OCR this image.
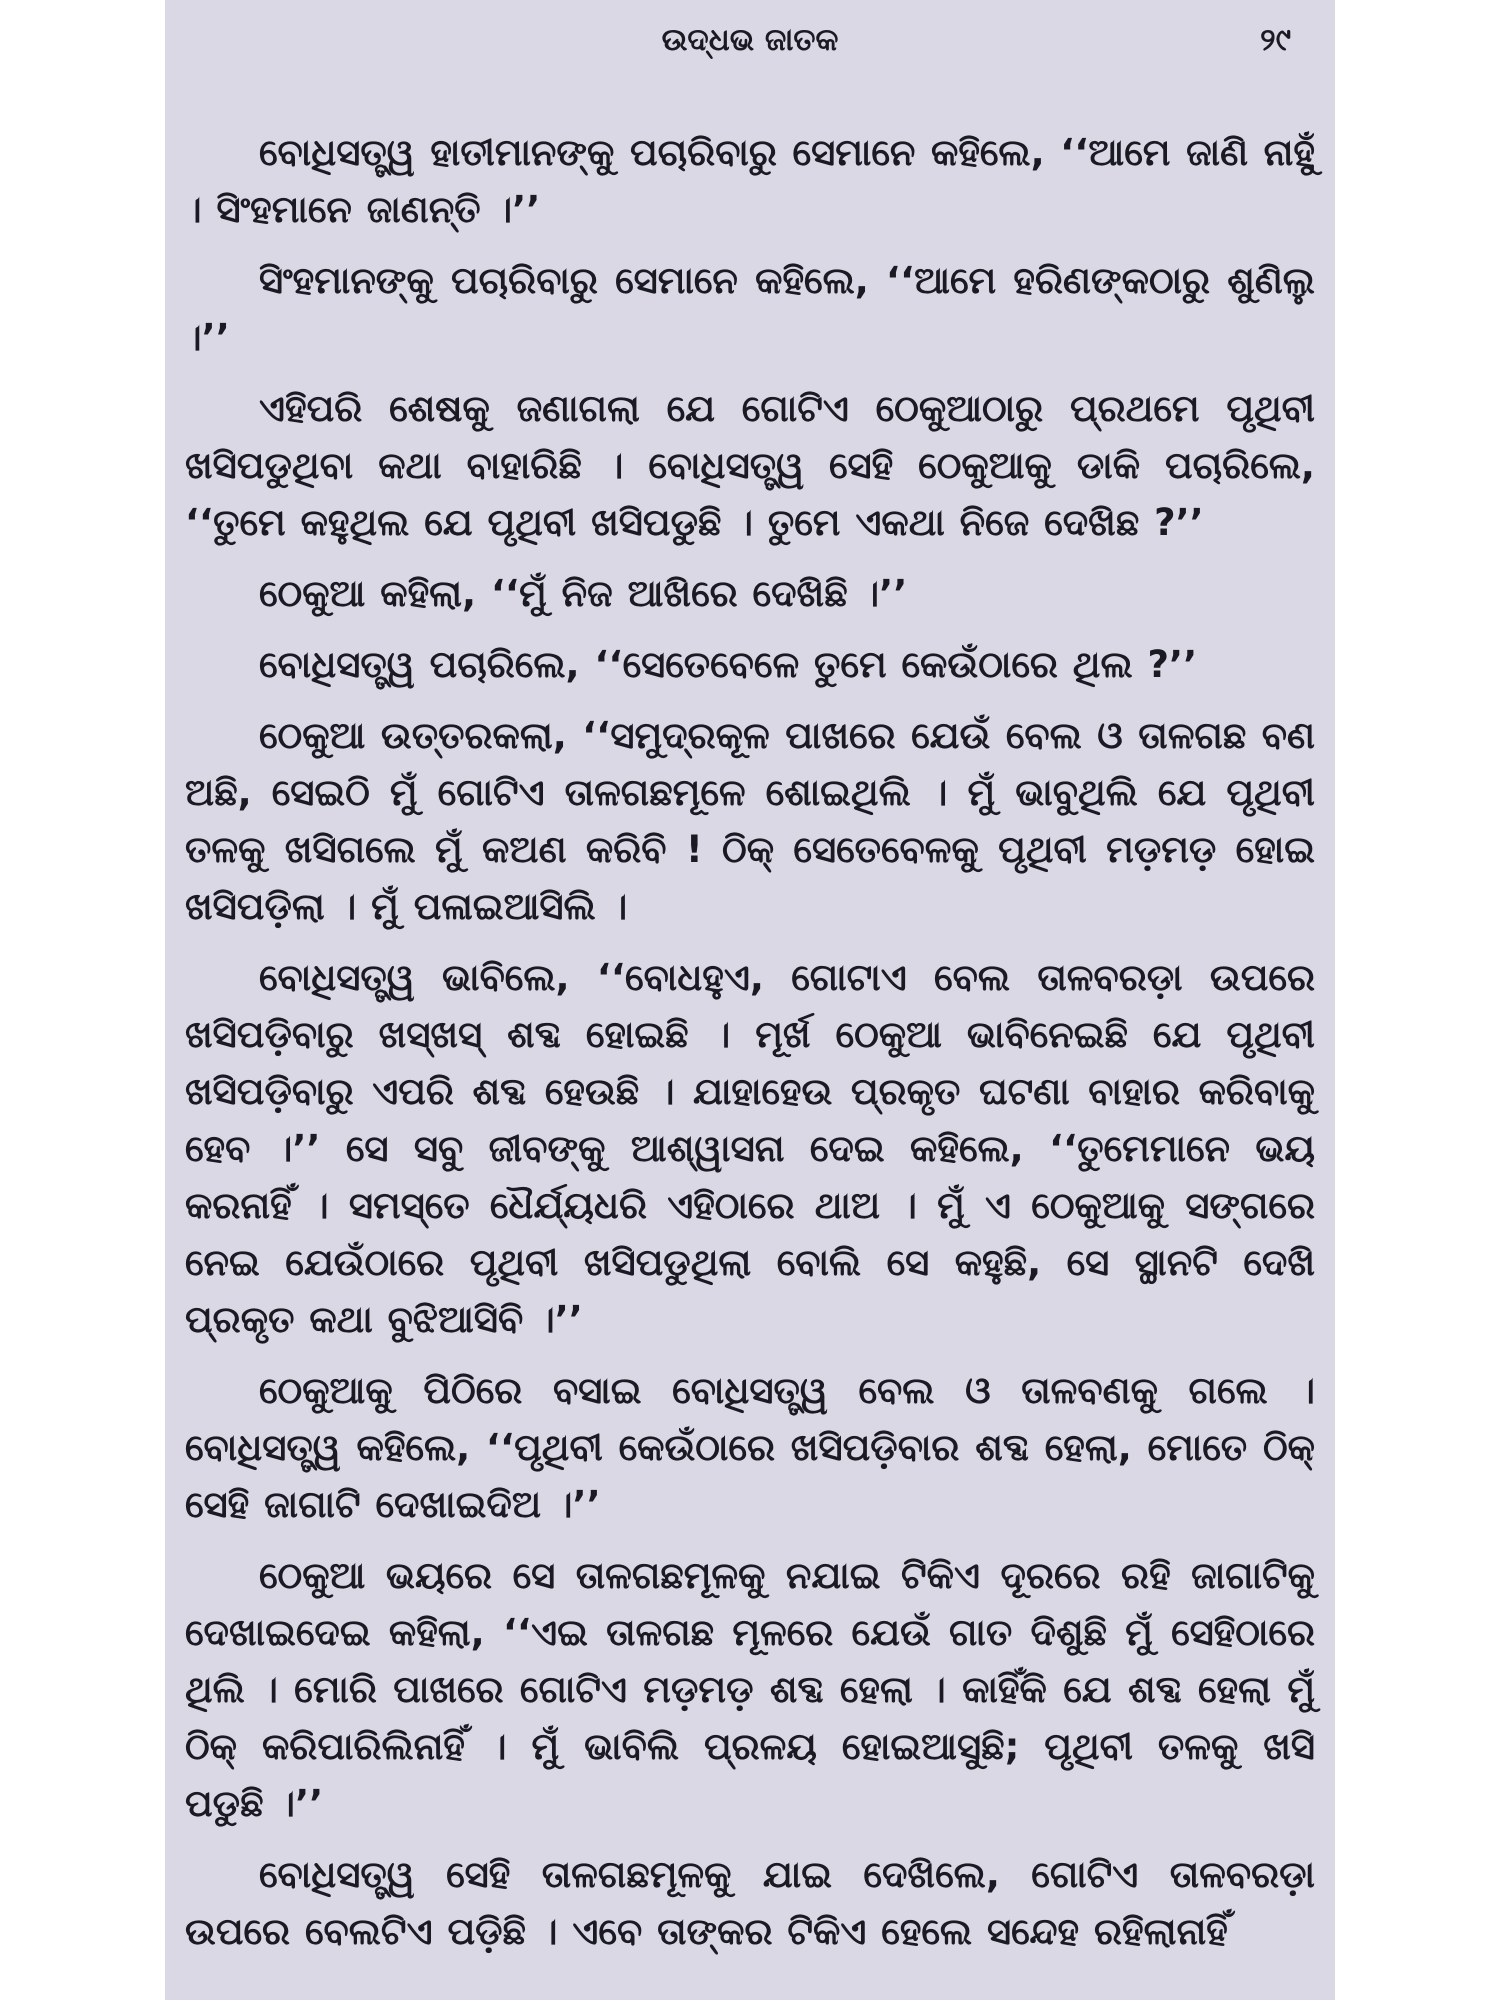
ଉଦ୍ଧଭ ଜାତକ	୨୯

ବୋଧିସତ୍ତ୍ୱ ହାତୀମାନଙ୍କୁ ପଚାରିବାରୁ ସେମାନେ କହିଲେ, ‘‘ଆମେ ଜାଣି ନାହୁଁ । ସିଂହମାନେ ଜାଣନ୍ତି ।’’

ସିଂହମାନଙ୍କୁ ପଚାରିବାରୁ ସେମାନେ କହିଲେ, ‘‘ଆମେ ହରିଣଙ୍କଠାରୁ ଶୁଣିଲୁ ।’’

ଏହିପରି ଶେଷକୁ ଜଣାଗଲା ଯେ ଗୋଟିଏ ଠେକୁଆଠାରୁ ପ୍ରଥମେ ପୃଥିବୀ ଖସିପଡୁଥିବା କଥା ବାହାରିଛି । ବୋଧିସତ୍ତ୍ୱ ସେହି ଠେକୁଆକୁ ଡାକି ପଚାରିଲେ, ‘‘ତୁମେ କହୁଥିଲ ଯେ ପୃଥିବୀ ଖସିପଡୁଛି । ତୁମେ ଏକଥା ନିଜେ ଦେଖିଛ ?’’

ଠେକୁଆ କହିଲା, ‘‘ମୁଁ ନିଜ ଆଖିରେ ଦେଖିଛି ।’’

ବୋଧିସତ୍ତ୍ୱ ପଚାରିଲେ, ‘‘ସେତେବେଳେ ତୁମେ କେଉଁଠାରେ ଥିଲ ?’’

ଠେକୁଆ ଉତ୍ତରକଲା, ‘‘ସମୁଦ୍ରକୂଳ ପାଖରେ ଯେଉଁ ବେଲ ଓ ତାଳଗଛ ବଣ ଅଛି, ସେଇଠି ମୁଁ ଗୋଟିଏ ତାଳଗଛମୂଳେ ଶୋଇଥିଲି । ମୁଁ ଭାବୁଥିଲି ଯେ ପୃଥିବୀ ତଳକୁ ଖସିଗଲେ ମୁଁ କଅଣ କରିବି ! ଠିକ୍ ସେତେବେଳକୁ ପୃଥିବୀ ମଡ଼ମଡ଼ ହୋଇ ଖସିପଡ଼ିଲା । ମୁଁ ପଳାଇଆସିଲି ।

ବୋଧିସତ୍ତ୍ୱ ଭାବିଲେ, ‘‘ବୋଧହୁଏ, ଗୋଟାଏ ବେଲ ତାଳବରଡ଼ା ଉପରେ ଖସିପଡ଼ିବାରୁ ଖସ୍‌ଖସ୍ ଶବ୍ଦ ହୋଇଛି । ମୂର୍ଖ ଠେକୁଆ ଭାବିନେଇଛି ଯେ ପୃଥିବୀ ଖସିପଡ଼ିବାରୁ ଏପରି ଶବ୍ଦ ହେଉଛି । ଯାହାହେଉ ପ୍ରକୃତ ଘଟଣା ବାହାର କରିବାକୁ ହେବ ।’’ ସେ ସବୁ ଜୀବଙ୍କୁ ଆଶ୍ୱାସନା ଦେଇ କହିଲେ, ‘‘ତୁମେମାନେ ଭୟ କରନାହିଁ । ସମସ୍ତେ ଧୈର୍ଯ୍ୟଧରି ଏହିଠାରେ ଥାଅ । ମୁଁ ଏ ଠେକୁଆକୁ ସଙ୍ଗରେ ନେଇ ଯେଉଁଠାରେ ପୃଥିବୀ ଖସିପଡୁଥିଲା ବୋଲି ସେ କହୁଛି, ସେ ସ୍ଥାନଟି ଦେଖି ପ୍ରକୃତ କଥା ବୁଝିଆସିବି ।’’

ଠେକୁଆକୁ ପିଠିରେ ବସାଇ ବୋଧିସତ୍ତ୍ୱ ବେଲ ଓ ତାଳବଣକୁ ଗଲେ । ବୋଧିସତ୍ତ୍ୱ କହିଲେ, ‘‘ପୃଥିବୀ କେଉଁଠାରେ ଖସିପଡ଼ିବାର ଶବ୍ଦ ହେଲା, ମୋତେ ଠିକ୍ ସେହି ଜାଗାଟି ଦେଖାଇଦିଅ ।’’

ଠେକୁଆ ଭୟରେ ସେ ତାଳଗଛମୂଳକୁ ନଯାଇ ଟିକିଏ ଦୂରରେ ରହି ଜାଗାଟିକୁ ଦେଖାଇଦେଇ କହିଲା, ‘‘ଏଇ ତାଳଗଛ ମୂଳରେ ଯେଉଁ ଗାତ ଦିଶୁଛି ମୁଁ ସେହିଠାରେ ଥିଲି । ମୋରି ପାଖରେ ଗୋଟିଏ ମଡ଼ମଡ଼ ଶବ୍ଦ ହେଲା । କାହିଁକି ଯେ ଶବ୍ଦ ହେଲା ମୁଁ ଠିକ୍ କରିପାରିଲିନାହିଁ । ମୁଁ ଭାବିଲି ପ୍ରଳୟ ହୋଇଆସୁଛି; ପୃଥିବୀ ତଳକୁ ଖସି ପଡୁଛି ।’’

ବୋଧିସତ୍ତ୍ୱ ସେହି ତାଳଗଛମୂଳକୁ ଯାଇ ଦେଖିଲେ, ଗୋଟିଏ ତାଳବରଡ଼ା ଉପରେ ବେଲଟିଏ ପଡ଼ିଛି । ଏବେ ତାଙ୍କର ଟିକିଏ ହେଲେ ସନ୍ଦେହ ରହିଲାନାହିଁ
